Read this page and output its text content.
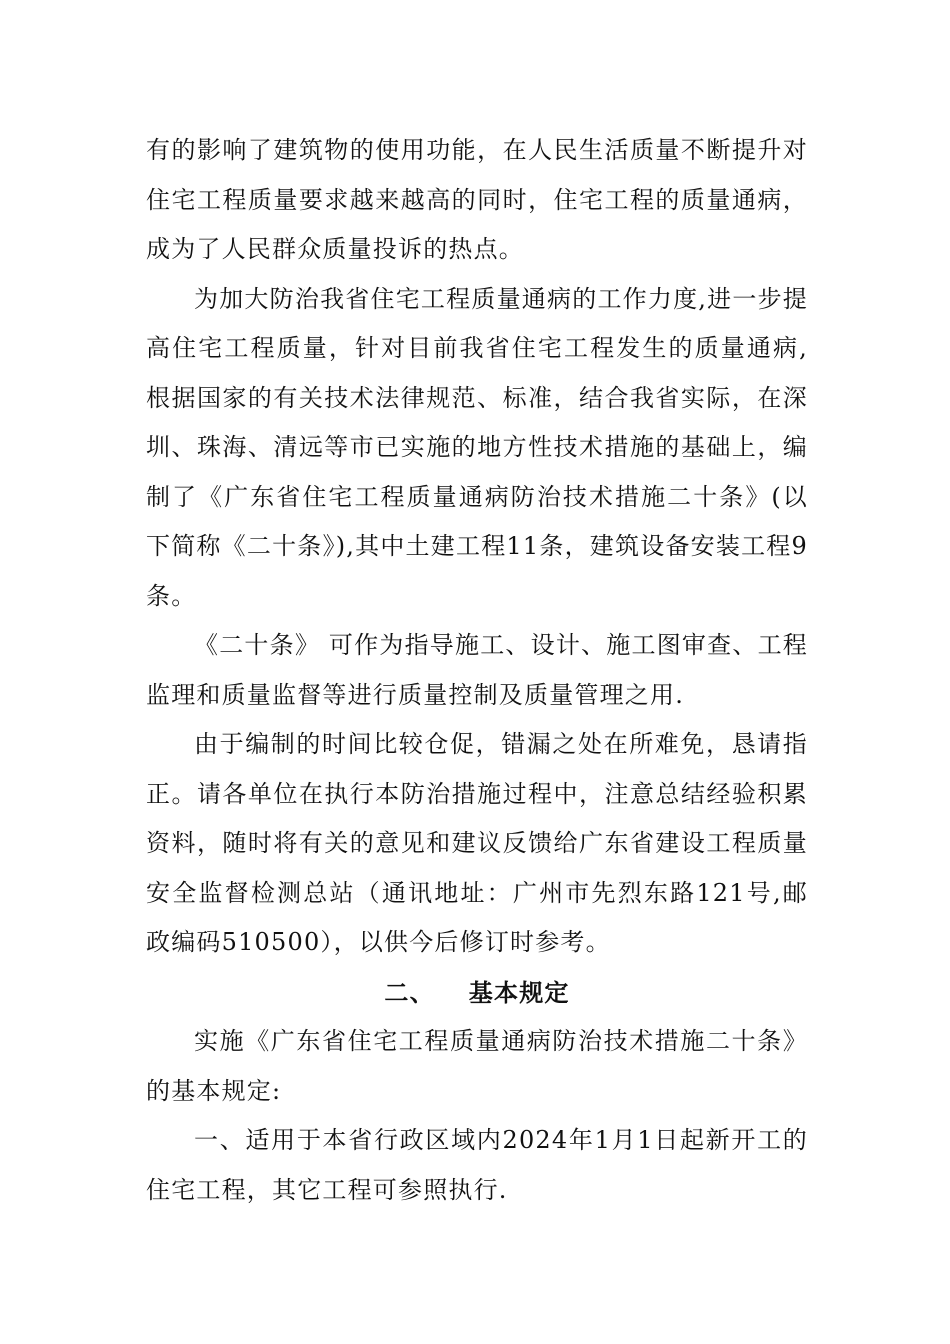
有的影响了建筑物的使用功能，在人民生活质量不断提升对住宅工程质量要求越来越高的同时，住宅工程的质量通病，成为了人民群众质量投诉的热点。

为加大防治我省住宅工程质量通病的工作力度,进一步提高住宅工程质量，针对目前我省住宅工程发生的质量通病,根据国家的有关技术法律规范、标准，结合我省实际，在深圳、珠海、清远等市已实施的地方性技术措施的基础上，编制了《广东省住宅工程质量通病防治技术措施二十条》(以下简称《二十条》),其中土建工程11条，建筑设备安装工程9条。

《二十条》 可作为指导施工、设计、施工图审查、工程监理和质量监督等进行质量控制及质量管理之用.

由于编制的时间比较仓促，错漏之处在所难免，恳请指正。请各单位在执行本防治措施过程中，注意总结经验积累资料，随时将有关的意见和建议反馈给广东省建设工程质量安全监督检测总站（通讯地址：广州市先烈东路121号,邮政编码510500），以供今后修订时参考。

二、 基本规定

实施《广东省住宅工程质量通病防治技术措施二十条》的基本规定:

一、适用于本省行政区域内2024年1月1日起新开工的住宅工程，其它工程可参照执行.
